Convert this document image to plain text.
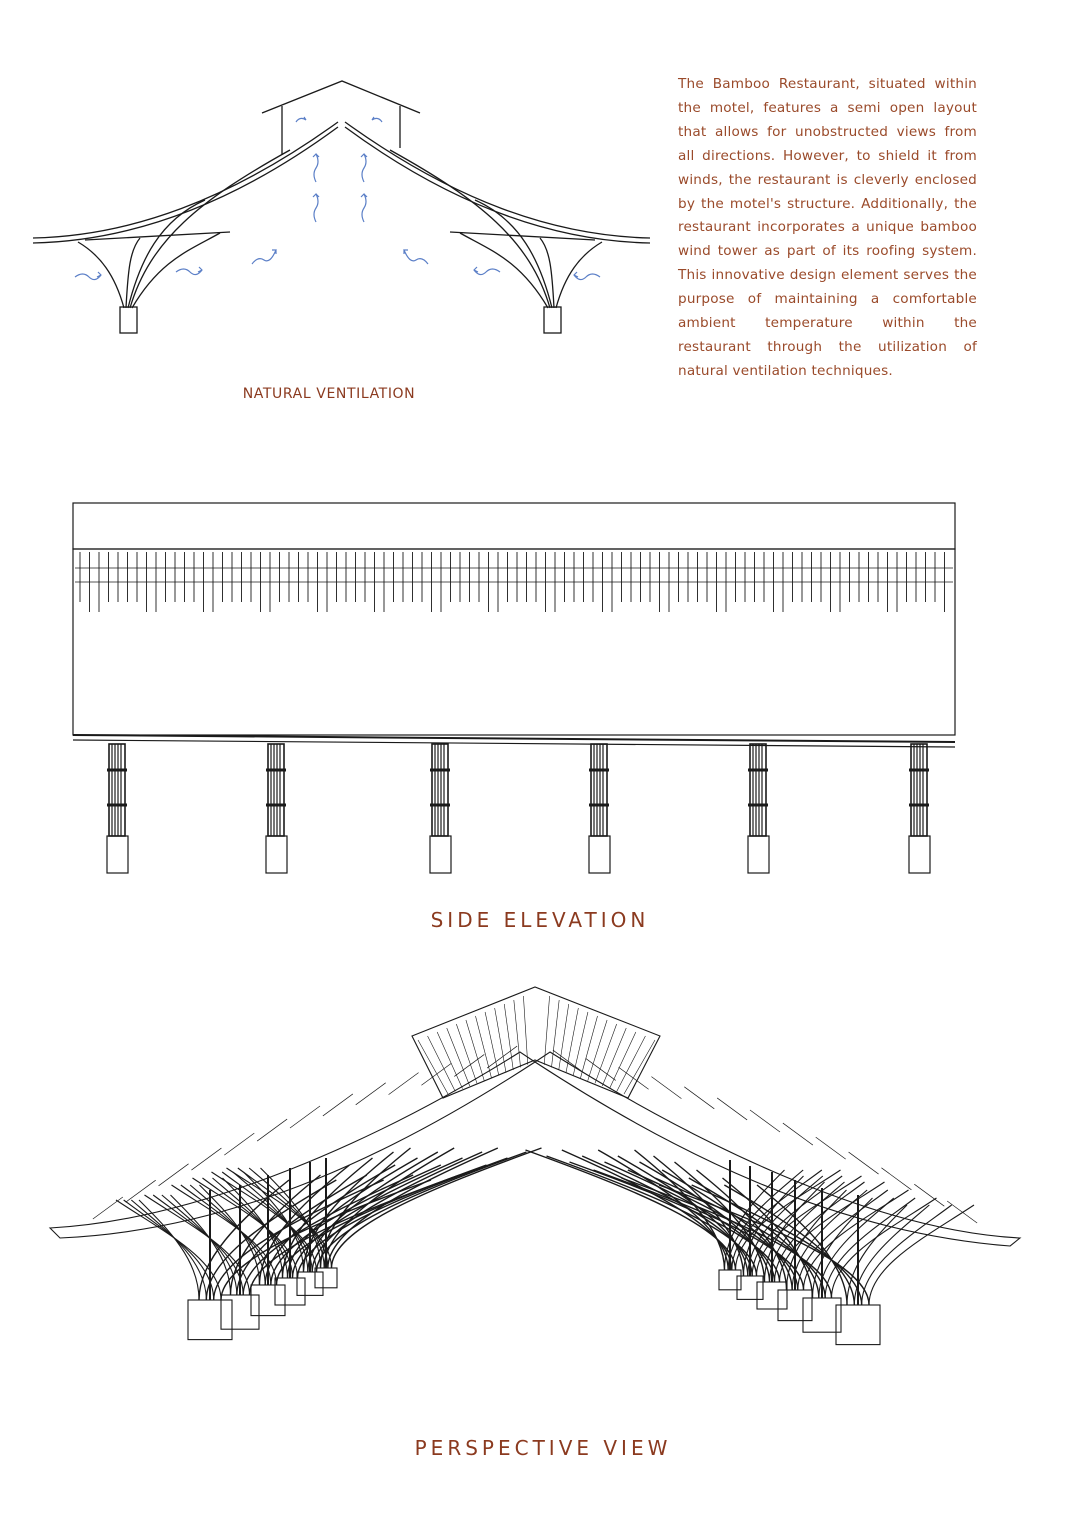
NATURAL VENTILATION
The Bamboo Restaurant, situated within the motel, features a semi open layout that allows for unobstructed views from all directions. However, to shield it from winds, the restaurant is cleverly enclosed by the motel's structure. Additionally, the restaurant incorporates a unique bamboo wind tower as part of its roofing system. This innovative design element serves the purpose of maintaining a comfortable ambient temperature within the restaurant through the utilization of natural ventilation techniques.
SIDE ELEVATION
PERSPECTIVE VIEW
